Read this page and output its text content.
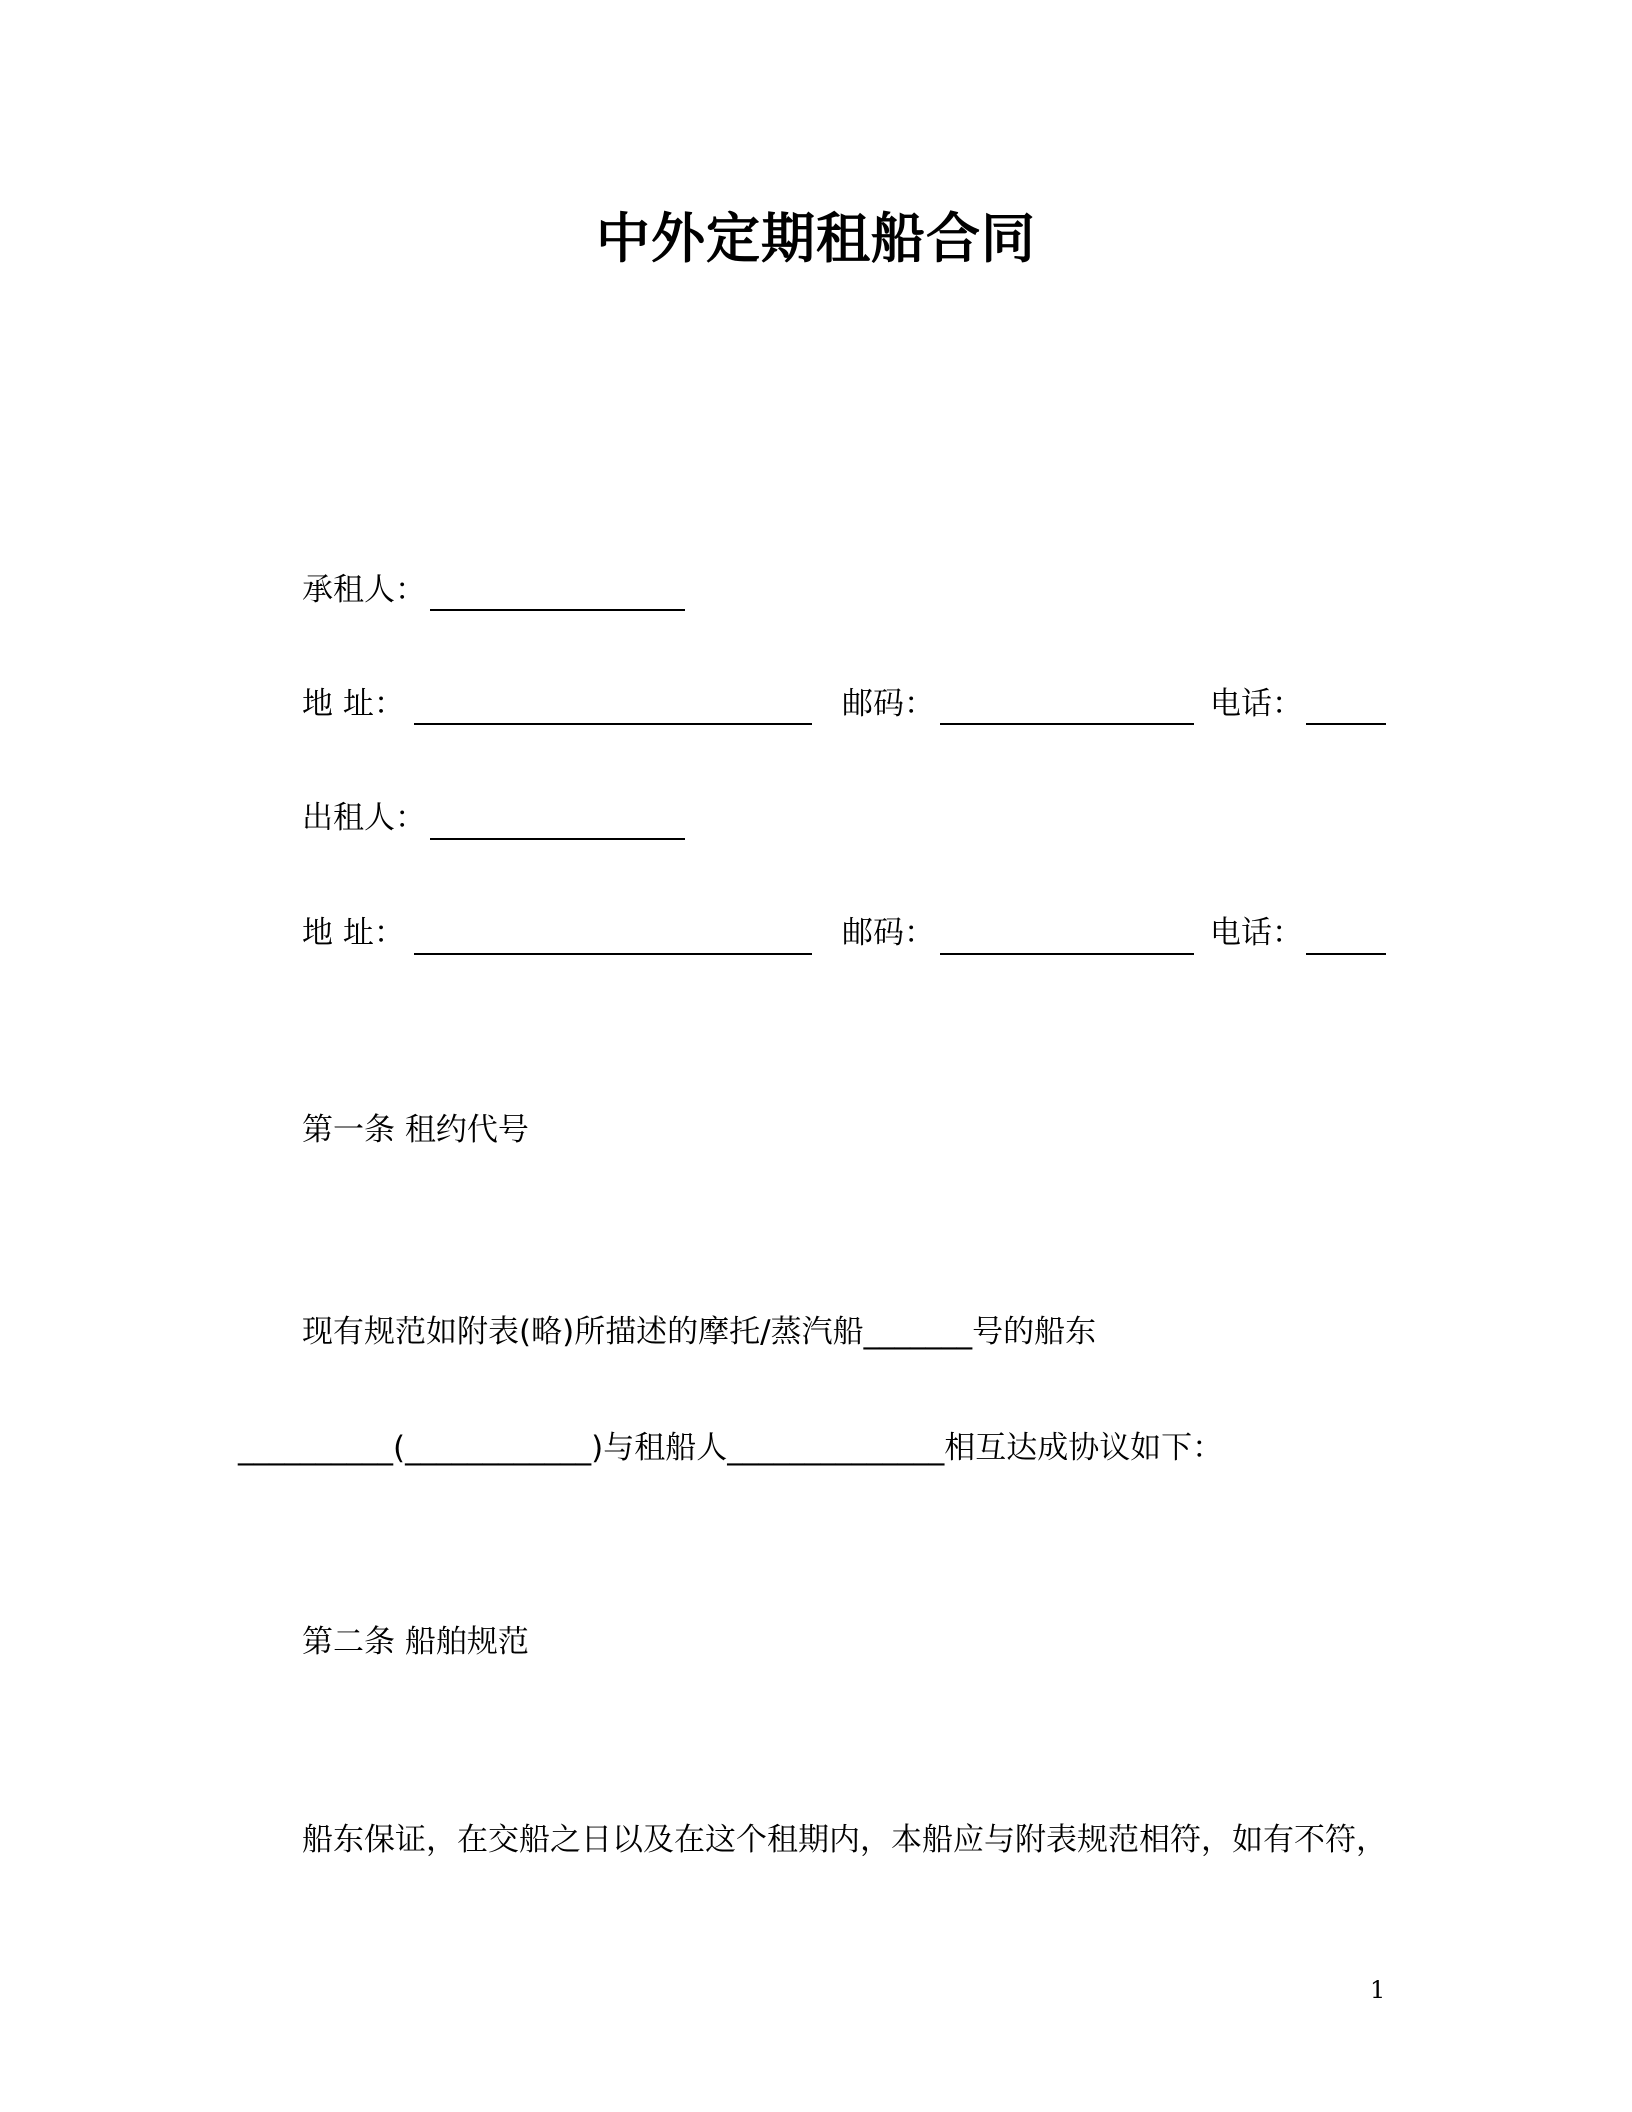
中外定期租船合同
承租人：
地 址：	邮码：	电话：
出租人：
地 址：	邮码：	电话：
第一条 租约代号
现有规范如附表(略)所描述的摩托/蒸汽船_______号的船东
__________(____________)与租船人______________相互达成协议如下：
第二条 船舶规范
船东保证，在交船之日以及在这个租期内，本船应与附表规范相符，如有不符，
1
